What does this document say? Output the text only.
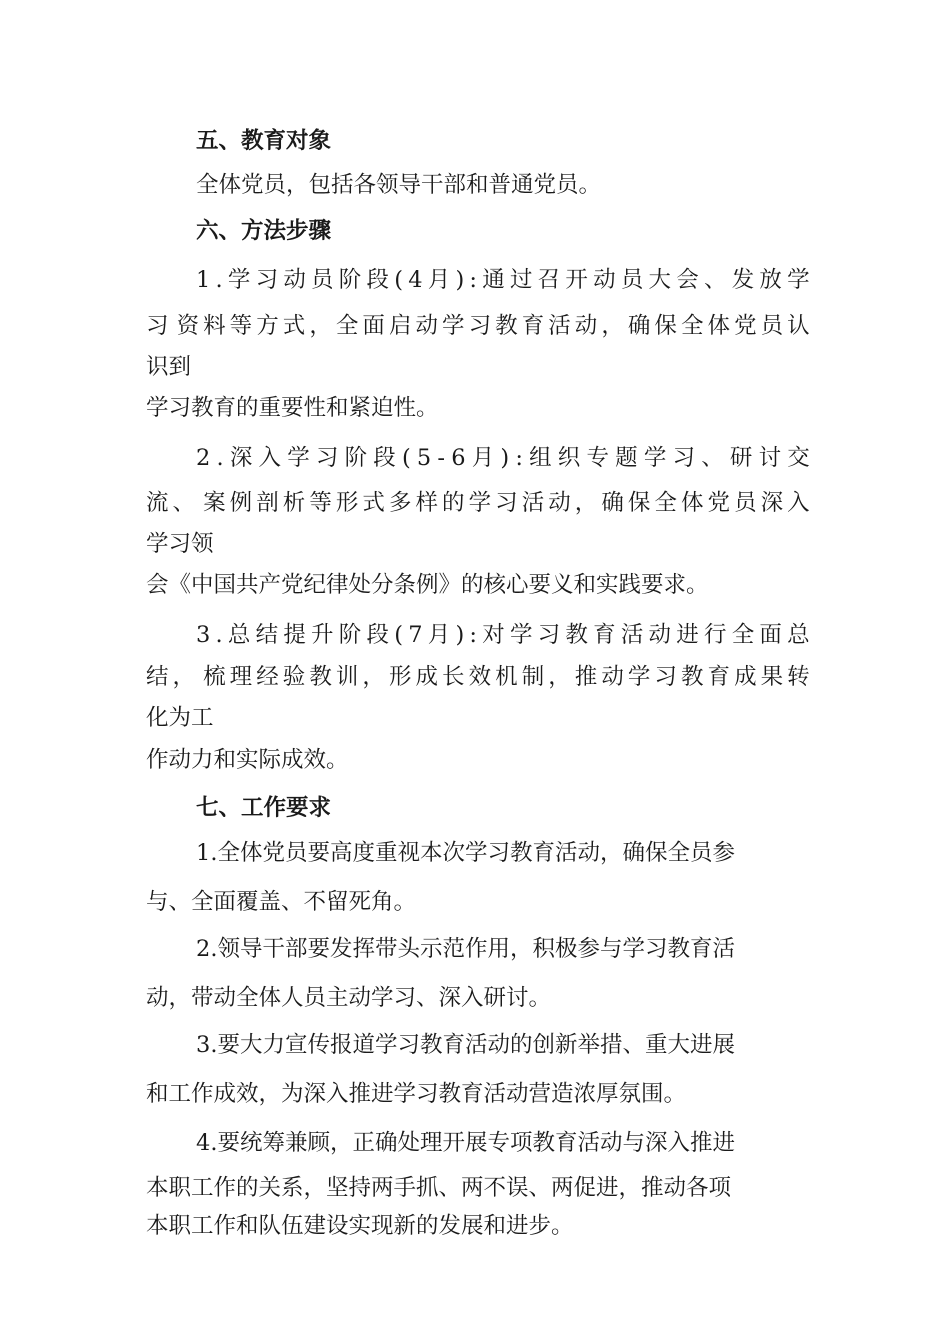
五、教育对象
全体党员，包括各领导干部和普通党员。
六、方法步骤
1 . 学 习 动 员 阶 段 ( 4 月 ) : 通 过 召 开 动 员 大 会 、 发 放 学
习 资 料 等 方 式 ， 全 面 启 动 学 习 教 育 活 动 ， 确 保 全 体 党 员 认
识到
学习教育的重要性和紧迫性。
2 . 深 入 学 习 阶 段 ( 5 - 6 月 ) : 组 织 专 题 学 习 、 研 讨 交
流 、 案 例 剖 析 等 形 式 多 样 的 学 习 活 动 ， 确 保 全 体 党 员 深 入
学习领
会《中国共产党纪律处分条例》的核心要义和实践要求。
3 . 总 结 提 升 阶 段 ( 7 月 ) : 对 学 习 教 育 活 动 进 行 全 面 总
结 ， 梳 理 经 验 教 训 ， 形 成 长 效 机 制 ， 推 动 学 习 教 育 成 果 转
化为工
作动力和实际成效。
七、工作要求
1.全体党员要高度重视本次学习教育活动，确保全员参
与、全面覆盖、不留死角。
2.领导干部要发挥带头示范作用，积极参与学习教育活
动，带动全体人员主动学习、深入研讨。
3.要大力宣传报道学习教育活动的创新举措、重大进展
和工作成效，为深入推进学习教育活动营造浓厚氛围。
4.要统筹兼顾，正确处理开展专项教育活动与深入推进
本职工作的关系，坚持两手抓、两不误、两促进，推动各项
本职工作和队伍建设实现新的发展和进步。
